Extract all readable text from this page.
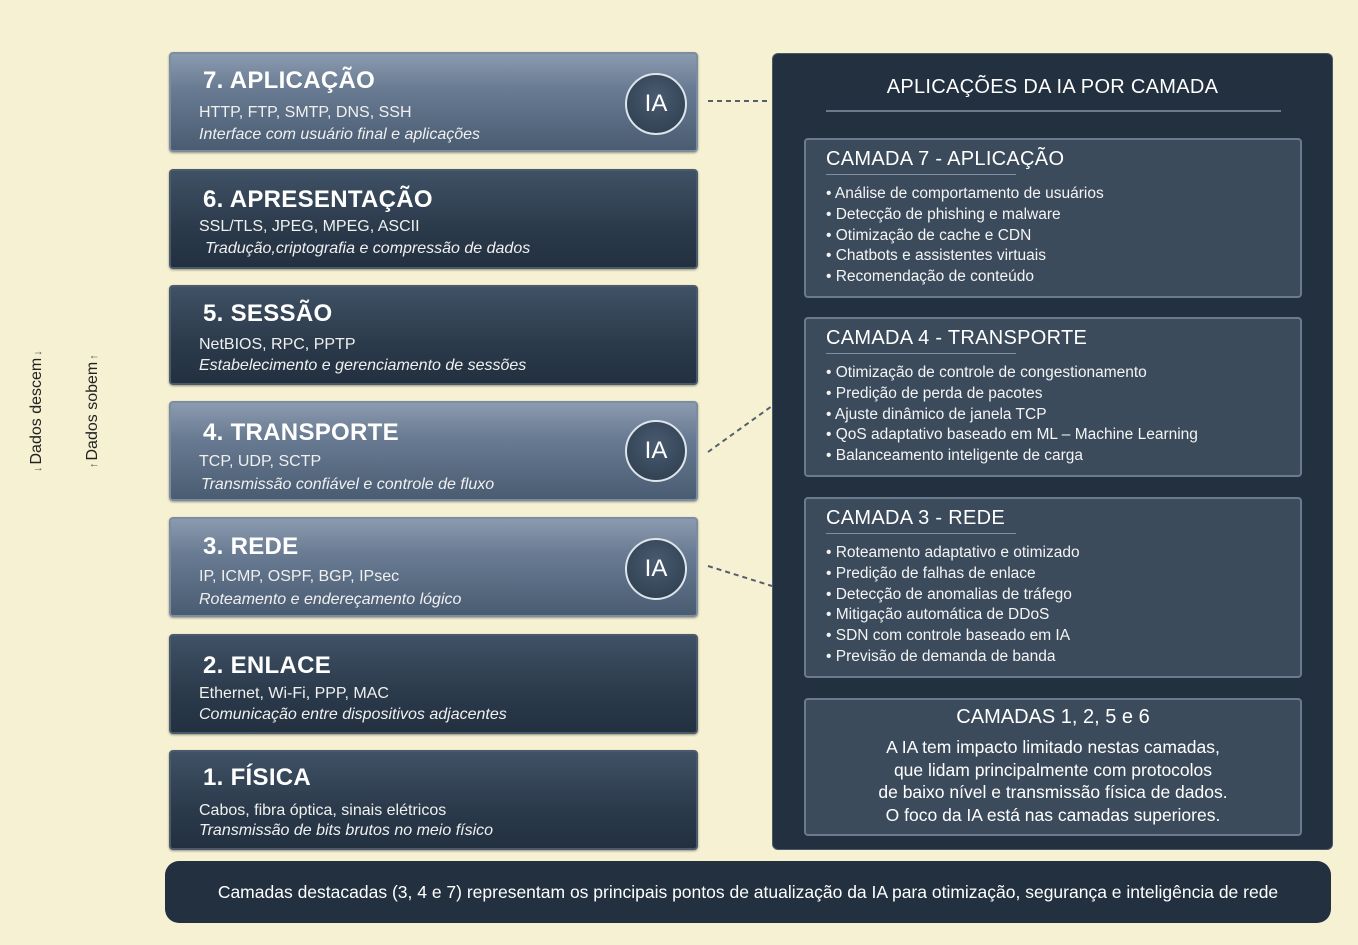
↓Dados descem↓
↑Dados sobem↑
7. APLICAÇÃO
HTTP, FTP, SMTP, DNS, SSH
Interface com usuário final e aplicações
IA
6. APRESENTAÇÃO
SSL/TLS, JPEG, MPEG, ASCII
Tradução,criptografia e compressão de dados
5. SESSÃO
NetBIOS, RPC, PPTP
Estabelecimento e gerenciamento de sessões
4. TRANSPORTE
TCP, UDP, SCTP
Transmissão confiável e controle de fluxo
IA
3. REDE
IP, ICMP, OSPF, BGP, IPsec
Roteamento e endereçamento lógico
IA
2. ENLACE
Ethernet, Wi-Fi, PPP, MAC
Comunicação entre dispositivos adjacentes
1. FÍSICA
Cabos, fibra óptica, sinais elétricos
Transmissão de bits brutos no meio físico
APLICAÇÕES DA IA POR CAMADA
CAMADA 7 - APLICAÇÃO
• Análise de comportamento de usuários
• Detecção de phishing e malware
• Otimização de cache e CDN
• Chatbots e assistentes virtuais
• Recomendação de conteúdo
CAMADA 4 - TRANSPORTE
• Otimização de controle de congestionamento
• Predição de perda de pacotes
• Ajuste dinâmico de janela TCP
• QoS adaptativo baseado em ML – Machine Learning
• Balanceamento inteligente de carga
CAMADA 3 - REDE
• Roteamento adaptativo e otimizado
• Predição de falhas de enlace
• Detecção de anomalias de tráfego
• Mitigação automática de DDoS
• SDN com controle baseado em IA
• Previsão de demanda de banda
CAMADAS 1, 2, 5 e 6
A IA tem impacto limitado nestas camadas,
que lidam principalmente com protocolos
de baixo nível e transmissão física de dados.
O foco da IA está nas camadas superiores.
Camadas destacadas (3, 4 e 7) representam os principais pontos de atualização da IA para otimização, segurança e inteligência de rede
